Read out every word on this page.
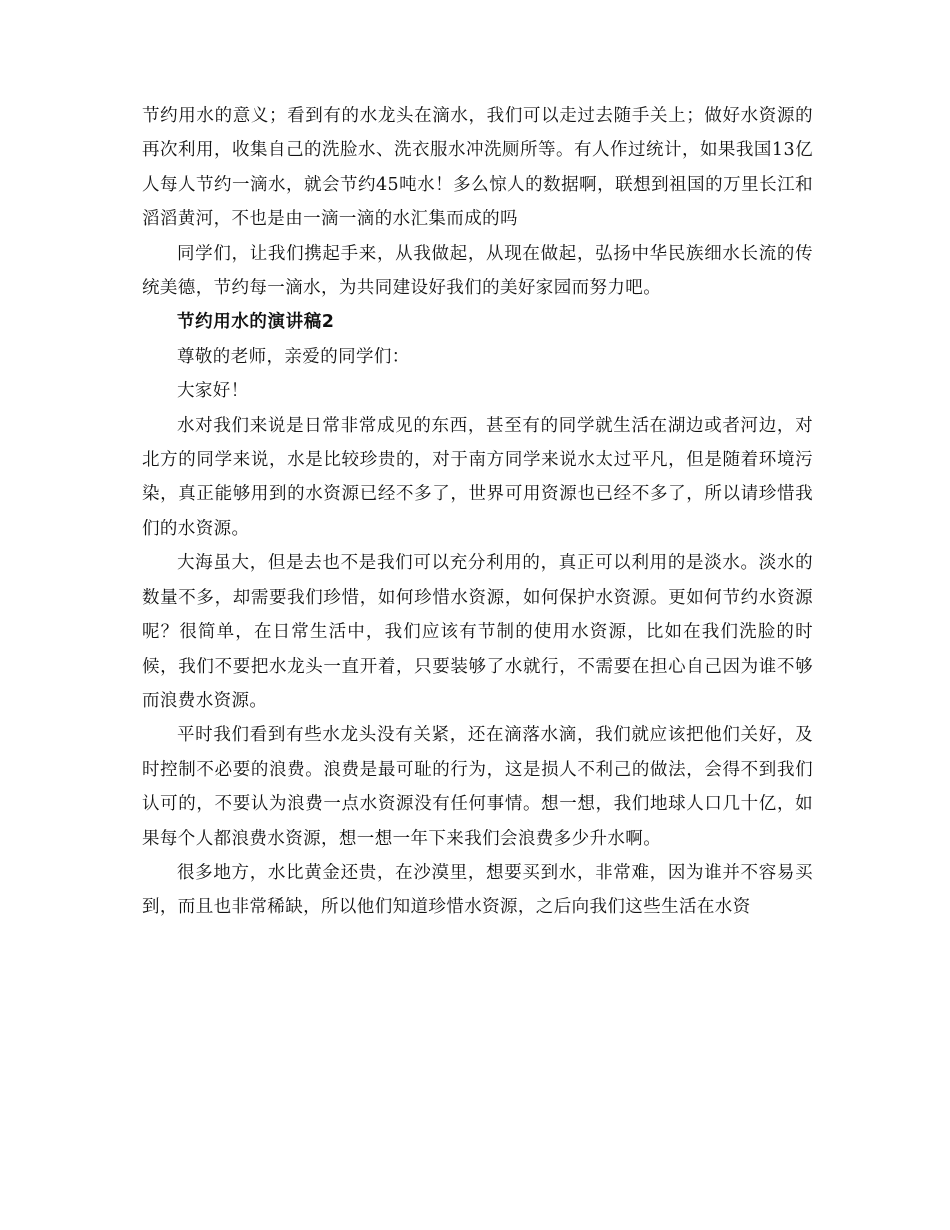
节约用水的意义；看到有的水龙头在滴水，我们可以走过去随手关上；做好水资源的再次利用，收集自己的洗脸水、洗衣服水冲洗厕所等。有人作过统计，如果我国13亿人每人节约一滴水，就会节约45吨水！多么惊人的数据啊，联想到祖国的万里长江和滔滔黄河，不也是由一滴一滴的水汇集而成的吗

同学们，让我们携起手来，从我做起，从现在做起，弘扬中华民族细水长流的传统美德，节约每一滴水，为共同建设好我们的美好家园而努力吧。

节约用水的演讲稿2

尊敬的老师，亲爱的同学们：

大家好！

水对我们来说是日常非常成见的东西，甚至有的同学就生活在湖边或者河边，对北方的同学来说，水是比较珍贵的，对于南方同学来说水太过平凡，但是随着环境污染，真正能够用到的水资源已经不多了，世界可用资源也已经不多了，所以请珍惜我们的水资源。

大海虽大，但是去也不是我们可以充分利用的，真正可以利用的是淡水。淡水的数量不多，却需要我们珍惜，如何珍惜水资源，如何保护水资源。更如何节约水资源呢？很简单，在日常生活中，我们应该有节制的使用水资源，比如在我们洗脸的时候，我们不要把水龙头一直开着，只要装够了水就行，不需要在担心自己因为谁不够而浪费水资源。

平时我们看到有些水龙头没有关紧，还在滴落水滴，我们就应该把他们关好，及时控制不必要的浪费。浪费是最可耻的行为，这是损人不利己的做法，会得不到我们认可的，不要认为浪费一点水资源没有任何事情。想一想，我们地球人口几十亿，如果每个人都浪费水资源，想一想一年下来我们会浪费多少升水啊。

很多地方，水比黄金还贵，在沙漠里，想要买到水，非常难，因为谁并不容易买到，而且也非常稀缺，所以他们知道珍惜水资源，之后向我们这些生活在水资
